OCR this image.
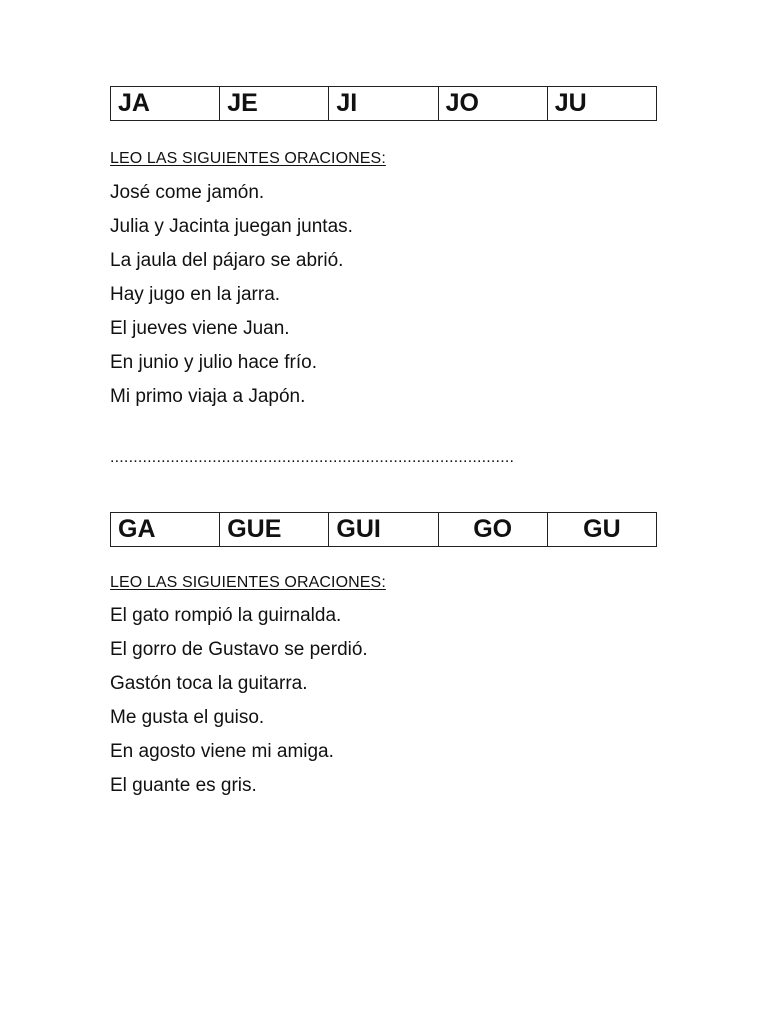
JA	JE	JI	JO	JU
LEO LAS SIGUIENTES ORACIONES:
José come jamón.
Julia y Jacinta juegan juntas.
La jaula del pájaro se abrió.
Hay jugo en la jarra.
El jueves viene Juan.
En junio y julio hace frío.
Mi primo viaja a Japón.
.......................................................................................
GA	GUE	GUI	GO	GU
LEO LAS SIGUIENTES ORACIONES:
El gato rompió la guirnalda.
El gorro de Gustavo se perdió.
Gastón toca la guitarra.
Me gusta el guiso.
En agosto viene mi amiga.
El guante es gris.
